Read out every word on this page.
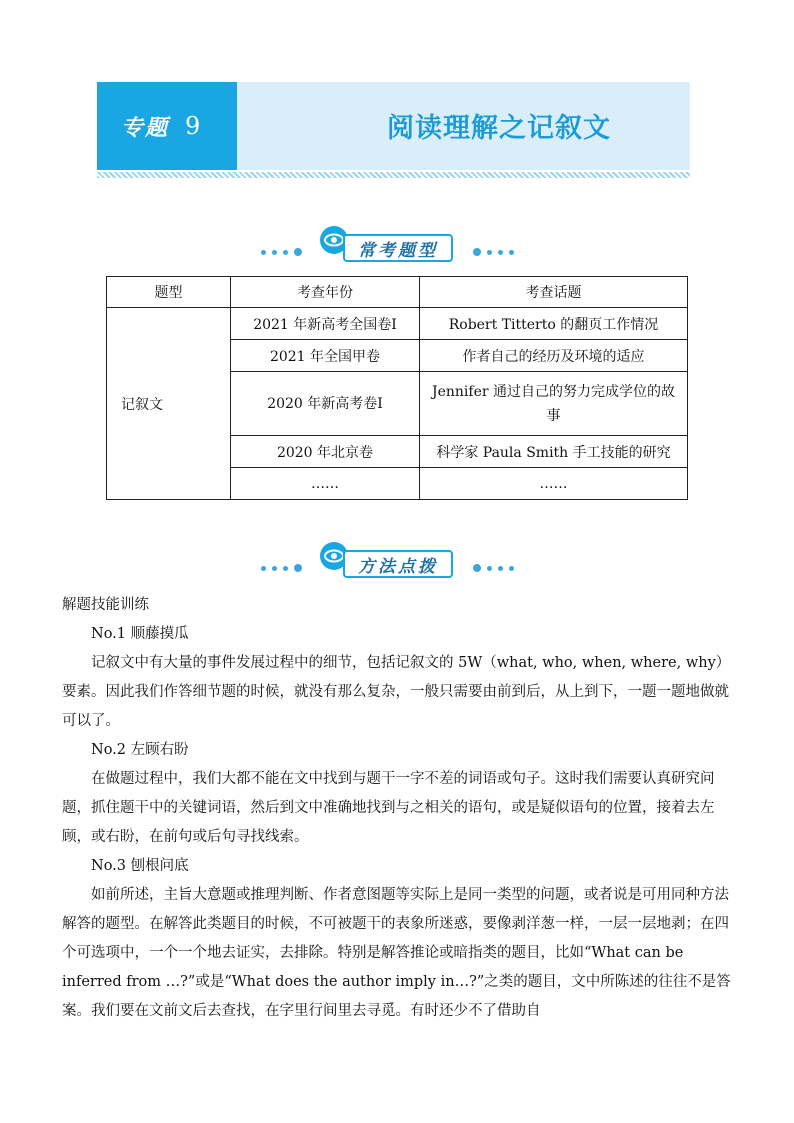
专题 9	阅读理解之记叙文
常考题型
题型	考查年份	考查话题
记叙文	2021 年新高考全国卷Ⅰ	Robert Titterto 的翻页工作情况
	2021 年全国甲卷	作者自己的经历及环境的适应
	2020 年新高考卷Ⅰ	Jennifer 通过自己的努力完成学位的故事
	2020 年北京卷	科学家 Paula Smith 手工技能的研究
	……	……
方法点拨

解题技能训练

No.1 顺藤摸瓜

记叙文中有大量的事件发展过程中的细节，包括记叙文的 5W（what, who, when, where, why）要素。因此我们作答细节题的时候，就没有那么复杂，一般只需要由前到后，从上到下，一题一题地做就可以了。

No.2 左顾右盼

在做题过程中，我们大都不能在文中找到与题干一字不差的词语或句子。这时我们需要认真研究问题，抓住题干中的关键词语，然后到文中准确地找到与之相关的语句，或是疑似语句的位置，接着去左顾，或右盼，在前句或后句寻找线索。

No.3 刨根问底

如前所述，主旨大意题或推理判断、作者意图题等实际上是同一类型的问题，或者说是可用同种方法解答的题型。在解答此类题目的时候，不可被题干的表象所迷惑，要像剥洋葱一样，一层一层地剥；在四个可选项中，一个一个地去证实，去排除。特别是解答推论或暗指类的题目，比如“What can be inferred from …?”或是“What does the author imply in…?”之类的题目，文中所陈述的往往不是答案。我们要在文前文后去查找，在字里行间里去寻觅。有时还少不了借助自
